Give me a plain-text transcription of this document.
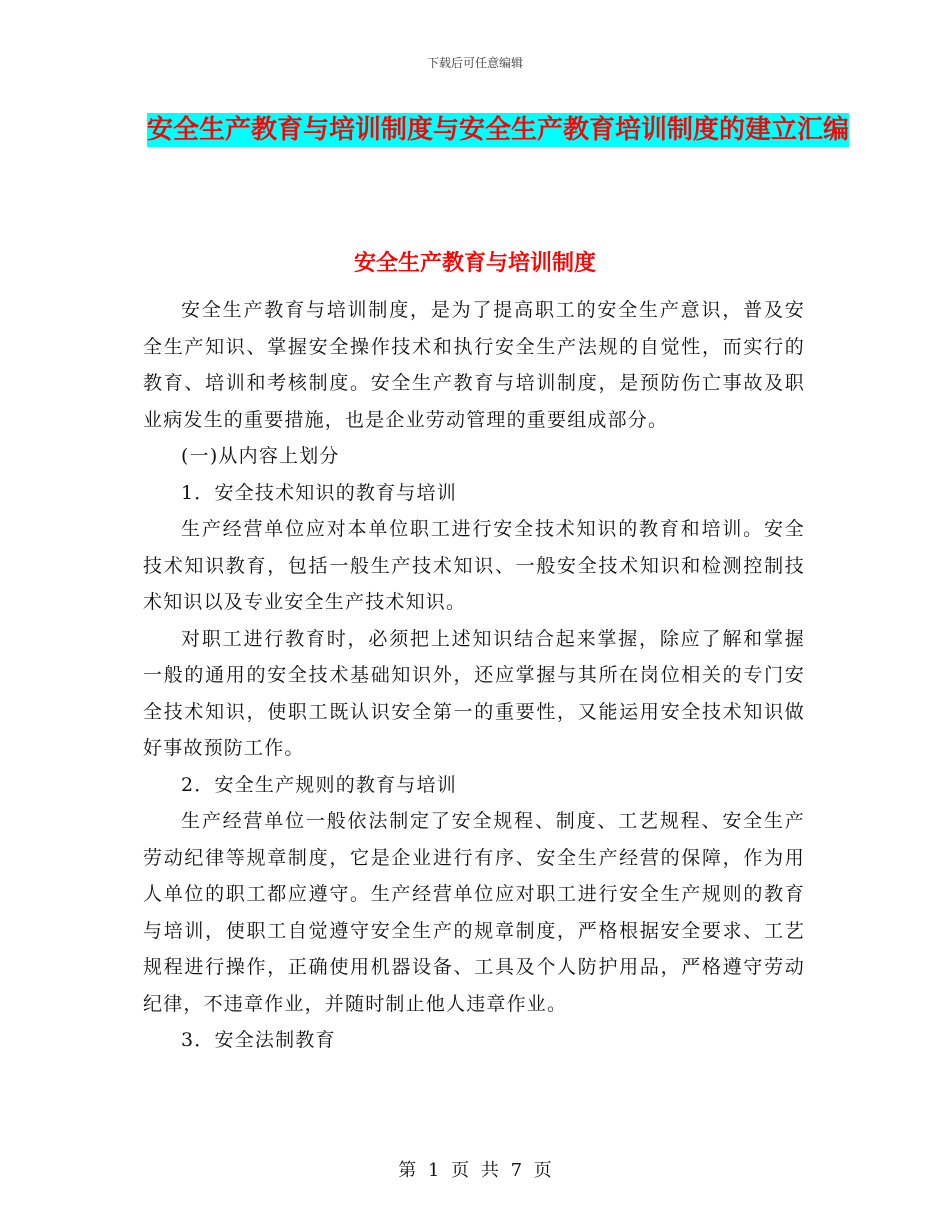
下载后可任意编辑
安全生产教育与培训制度与安全生产教育培训制度的建立汇编
安全生产教育与培训制度

安全生产教育与培训制度，是为了提高职工的安全生产意识，普及安全生产知识、掌握安全操作技术和执行安全生产法规的自觉性，而实行的教育、培训和考核制度。安全生产教育与培训制度，是预防伤亡事故及职业病发生的重要措施，也是企业劳动管理的重要组成部分。

(一)从内容上划分

1．安全技术知识的教育与培训

生产经营单位应对本单位职工进行安全技术知识的教育和培训。安全技术知识教育，包括一般生产技术知识、一般安全技术知识和检测控制技术知识以及专业安全生产技术知识。

对职工进行教育时，必须把上述知识结合起来掌握，除应了解和掌握一般的通用的安全技术基础知识外，还应掌握与其所在岗位相关的专门安全技术知识，使职工既认识安全第一的重要性，又能运用安全技术知识做好事故预防工作。

2．安全生产规则的教育与培训

生产经营单位一般依法制定了安全规程、制度、工艺规程、安全生产劳动纪律等规章制度，它是企业进行有序、安全生产经营的保障，作为用人单位的职工都应遵守。生产经营单位应对职工进行安全生产规则的教育与培训，使职工自觉遵守安全生产的规章制度，严格根据安全要求、工艺规程进行操作，正确使用机器设备、工具及个人防护用品，严格遵守劳动纪律，不违章作业，并随时制止他人违章作业。

3．安全法制教育

第 1 页 共 7 页
